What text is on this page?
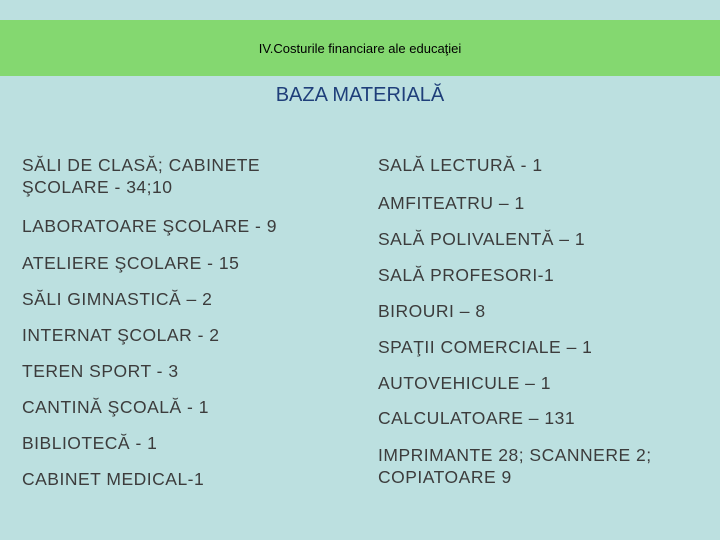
IV.Costurile financiare ale educaţiei
BAZA MATERIALĂ
SĂLI DE CLASĂ; CABINETE ŞCOLARE - 34;10
LABORATOARE ŞCOLARE - 9
ATELIERE ŞCOLARE - 15
SĂLI GIMNASTICĂ – 2
INTERNAT ŞCOLAR - 2
TEREN SPORT - 3
CANTINĂ ŞCOALĂ - 1
BIBLIOTECĂ - 1
CABINET MEDICAL-1
SALĂ LECTURĂ - 1
AMFITEATRU – 1
SALĂ POLIVALENTĂ – 1
SALĂ PROFESORI-1
BIROURI – 8
SPAŢII COMERCIALE – 1
AUTOVEHICULE – 1
CALCULATOARE – 131
IMPRIMANTE 28; SCANNERE 2; COPIATOARE 9
